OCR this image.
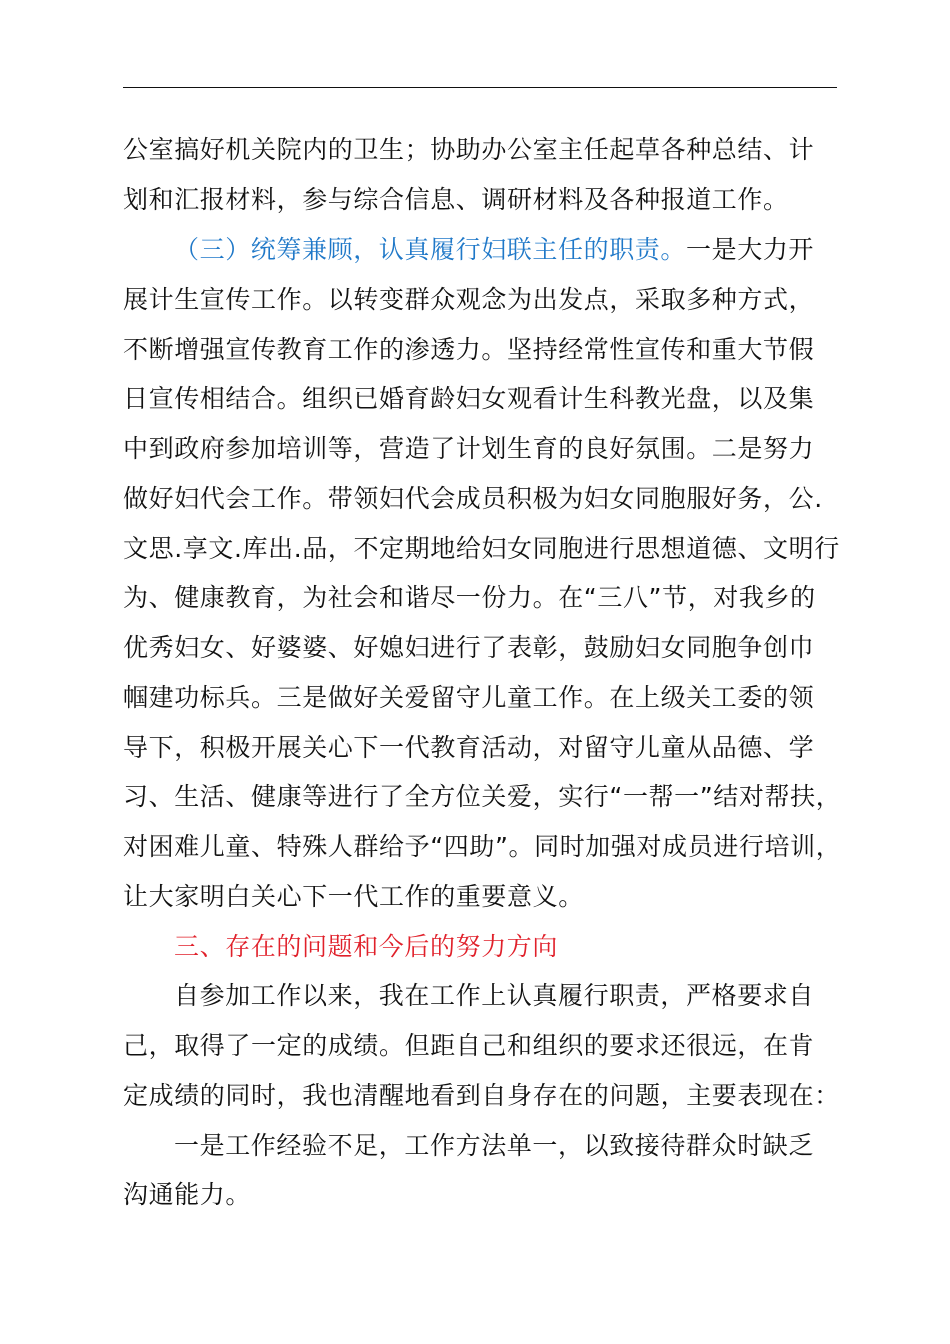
公室搞好机关院内的卫生；协助办公室主任起草各种总结、计
划和汇报材料，参与综合信息、调研材料及各种报道工作。
（三）统筹兼顾，认真履行妇联主任的职责。一是大力开
展计生宣传工作。以转变群众观念为出发点，采取多种方式，
不断增强宣传教育工作的渗透力。坚持经常性宣传和重大节假
日宣传相结合。组织已婚育龄妇女观看计生科教光盘，以及集
中到政府参加培训等，营造了计划生育的良好氛围。二是努力
做好妇代会工作。带领妇代会成员积极为妇女同胞服好务，公.
文思.享文.库出.品，不定期地给妇女同胞进行思想道德、文明行
为、健康教育，为社会和谐尽一份力。在“三八”节，对我乡的
优秀妇女、好婆婆、好媳妇进行了表彰，鼓励妇女同胞争创巾
帼建功标兵。三是做好关爱留守儿童工作。在上级关工委的领
导下，积极开展关心下一代教育活动，对留守儿童从品德、学
习、生活、健康等进行了全方位关爱，实行“一帮一”结对帮扶，
对困难儿童、特殊人群给予“四助”。同时加强对成员进行培训，
让大家明白关心下一代工作的重要意义。
三、存在的问题和今后的努力方向
自参加工作以来，我在工作上认真履行职责，严格要求自
己，取得了一定的成绩。但距自己和组织的要求还很远，在肯
定成绩的同时，我也清醒地看到自身存在的问题，主要表现在：
一是工作经验不足，工作方法单一，以致接待群众时缺乏
沟通能力。
